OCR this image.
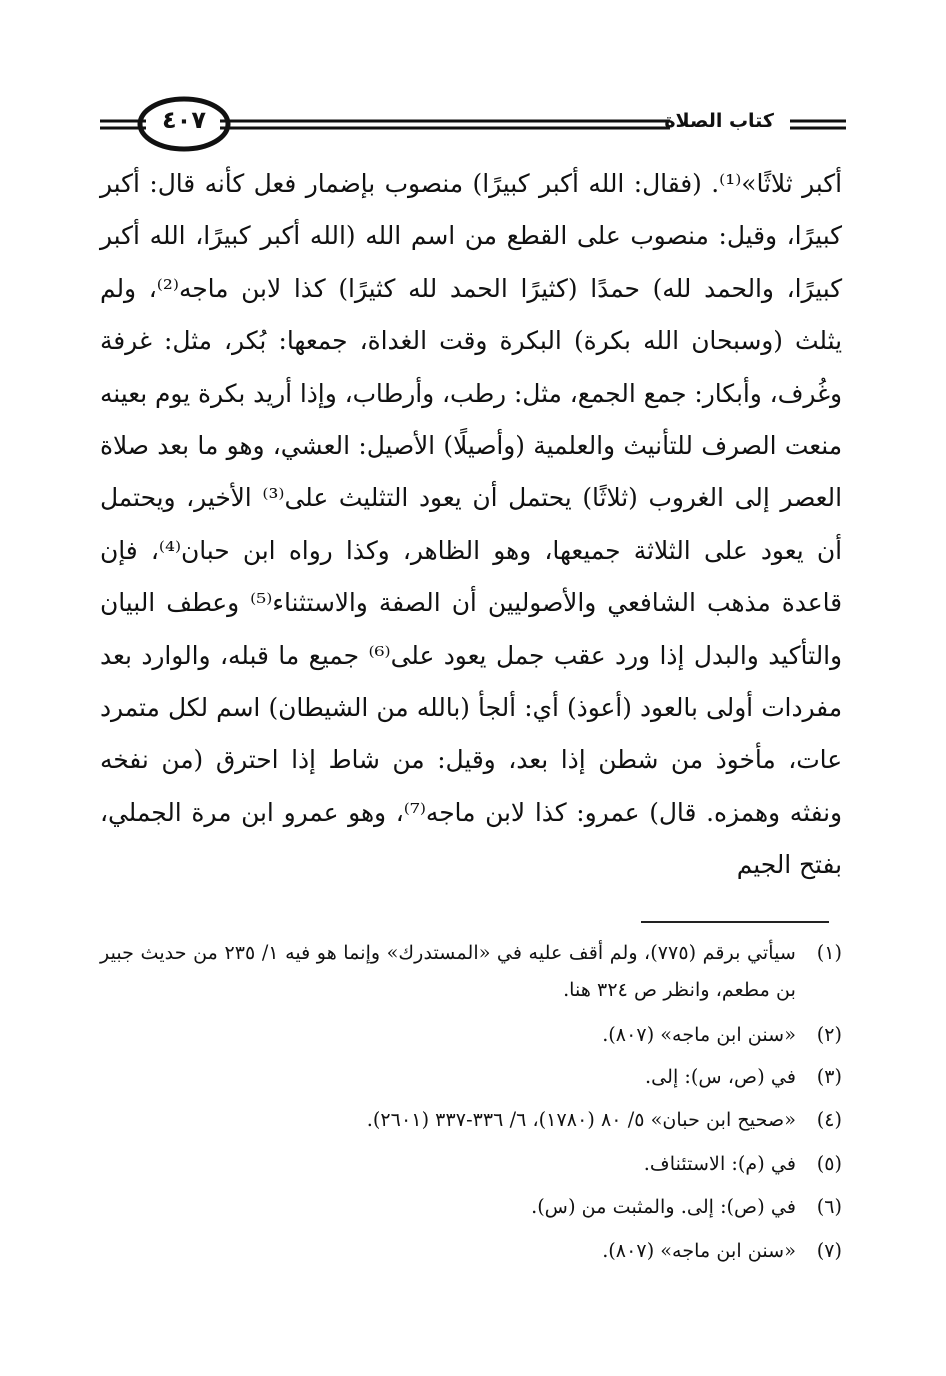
٤٠٧	كتاب الصلاة

أكبر ثلاثًا»⁽¹⁾. (فقال: الله أكبر كبيرًا) منصوب بإضمار فعل كأنه قال: أكبر كبيرًا، وقيل: منصوب على القطع من اسم الله (الله أكبر كبيرًا، الله أكبر كبيرًا، والحمد لله) حمدًا (كثيرًا الحمد لله كثيرًا) كذا لابن ماجه⁽²⁾، ولم يثلث (وسبحان الله بكرة) البكرة وقت الغداة، جمعها: بُكر، مثل: غرفة وغُرف، وأبكار: جمع الجمع، مثل: رطب، وأرطاب، وإذا أريد بكرة يوم بعينه منعت الصرف للتأنيث والعلمية (وأصيلًا) الأصيل: العشي، وهو ما بعد صلاة العصر إلى الغروب (ثلاثًا) يحتمل أن يعود التثليث على⁽³⁾ الأخير، ويحتمل أن يعود على الثلاثة جميعها، وهو الظاهر، وكذا رواه ابن حبان⁽⁴⁾، فإن قاعدة مذهب الشافعي والأصوليين أن الصفة والاستثناء⁽⁵⁾ وعطف البيان والتأكيد والبدل إذا ورد عقب جمل يعود على⁽⁶⁾ جميع ما قبله، والوارد بعد مفردات أولى بالعود (أعوذ) أي: ألجأ (بالله من الشيطان) اسم لكل متمرد عات، مأخوذ من شطن إذا بعد، وقيل: من شاط إذا احترق (من نفخه ونفثه وهمزه. قال) عمرو: كذا لابن ماجه⁽⁷⁾، وهو عمرو ابن مرة الجملي، بفتح الجيم

(١)
سيأتي برقم (٧٧٥)، ولم أقف عليه في «المستدرك» وإنما هو فيه ١/ ٢٣٥ من حديث جبير بن مطعم، وانظر ص ٣٢٤ هنا.
(٢)
«سنن ابن ماجه» (٨٠٧).
(٣)
في (ص، س): إلى.
(٤)
«صحيح ابن حبان» ٥/ ٨٠ (١٧٨٠)، ٦/ ٣٣٦-٣٣٧ (٢٦٠١).
(٥)
في (م): الاستئناف.
(٦)
في (ص): إلى. والمثبت من (س).
(٧)
«سنن ابن ماجه» (٨٠٧).
